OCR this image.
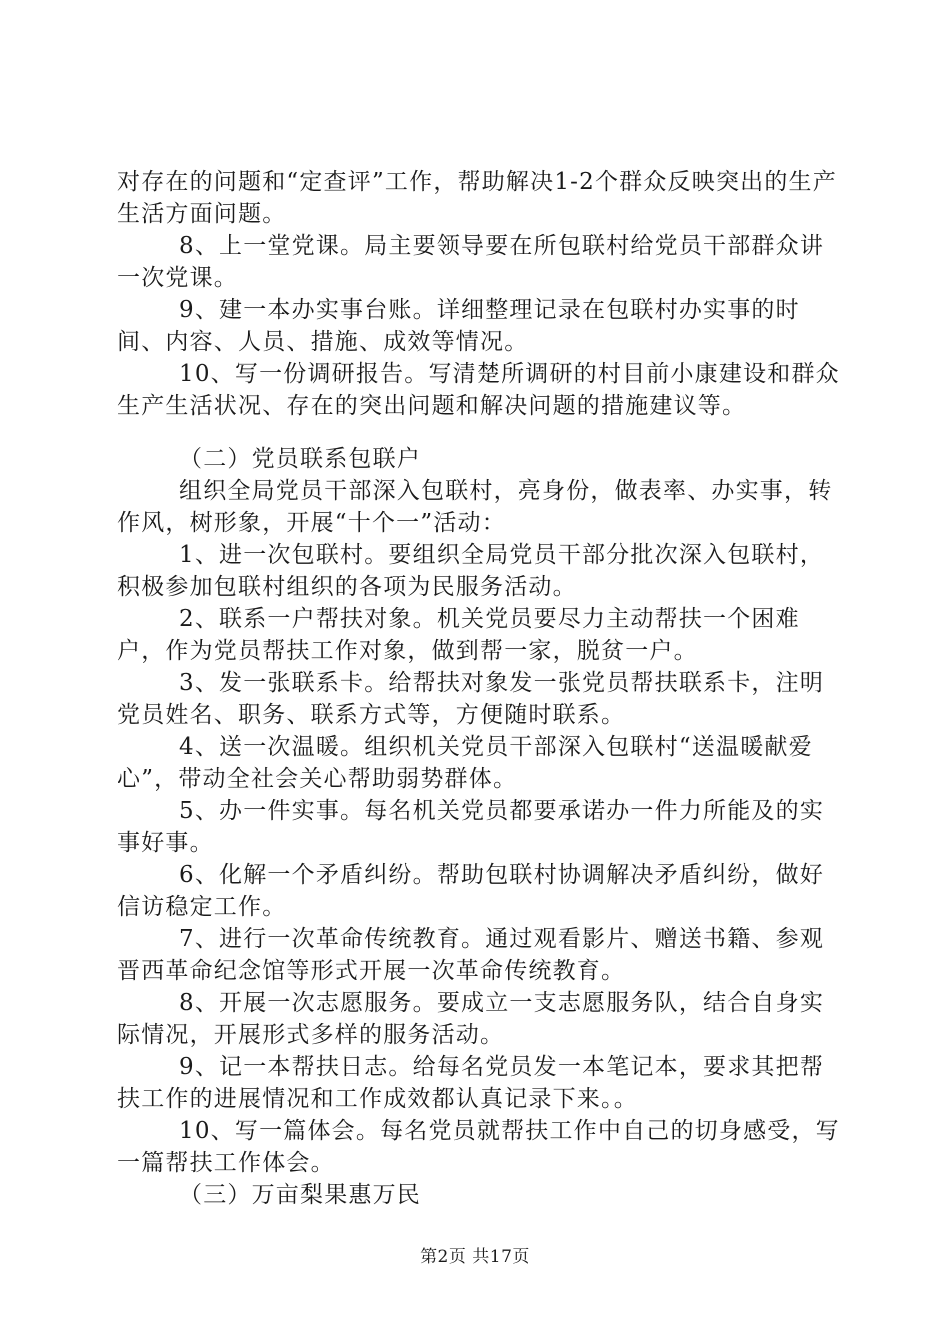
对存在的问题和“定查评”工作，帮助解决1-2个群众反映突出的生产生活方面问题。

8、上一堂党课。局主要领导要在所包联村给党员干部群众讲一次党课。

9、建一本办实事台账。详细整理记录在包联村办实事的时间、内容、人员、措施、成效等情况。

10、写一份调研报告。写清楚所调研的村目前小康建设和群众生产生活状况、存在的突出问题和解决问题的措施建议等。

（二）党员联系包联户

组织全局党员干部深入包联村，亮身份，做表率、办实事，转作风，树形象，开展“十个一”活动：

1、进一次包联村。要组织全局党员干部分批次深入包联村，积极参加包联村组织的各项为民服务活动。

2、联系一户帮扶对象。机关党员要尽力主动帮扶一个困难户，作为党员帮扶工作对象，做到帮一家，脱贫一户。

3、发一张联系卡。给帮扶对象发一张党员帮扶联系卡，注明党员姓名、职务、联系方式等，方便随时联系。

4、送一次温暖。组织机关党员干部深入包联村“送温暖献爱心”，带动全社会关心帮助弱势群体。

5、办一件实事。每名机关党员都要承诺办一件力所能及的实事好事。

6、化解一个矛盾纠纷。帮助包联村协调解决矛盾纠纷，做好信访稳定工作。

7、进行一次革命传统教育。通过观看影片、赠送书籍、参观晋西革命纪念馆等形式开展一次革命传统教育。

8、开展一次志愿服务。要成立一支志愿服务队，结合自身实际情况，开展形式多样的服务活动。

9、记一本帮扶日志。给每名党员发一本笔记本，要求其把帮扶工作的进展情况和工作成效都认真记录下来。。

10、写一篇体会。每名党员就帮扶工作中自己的切身感受，写一篇帮扶工作体会。

（三）万亩梨果惠万民

第2页 共17页
